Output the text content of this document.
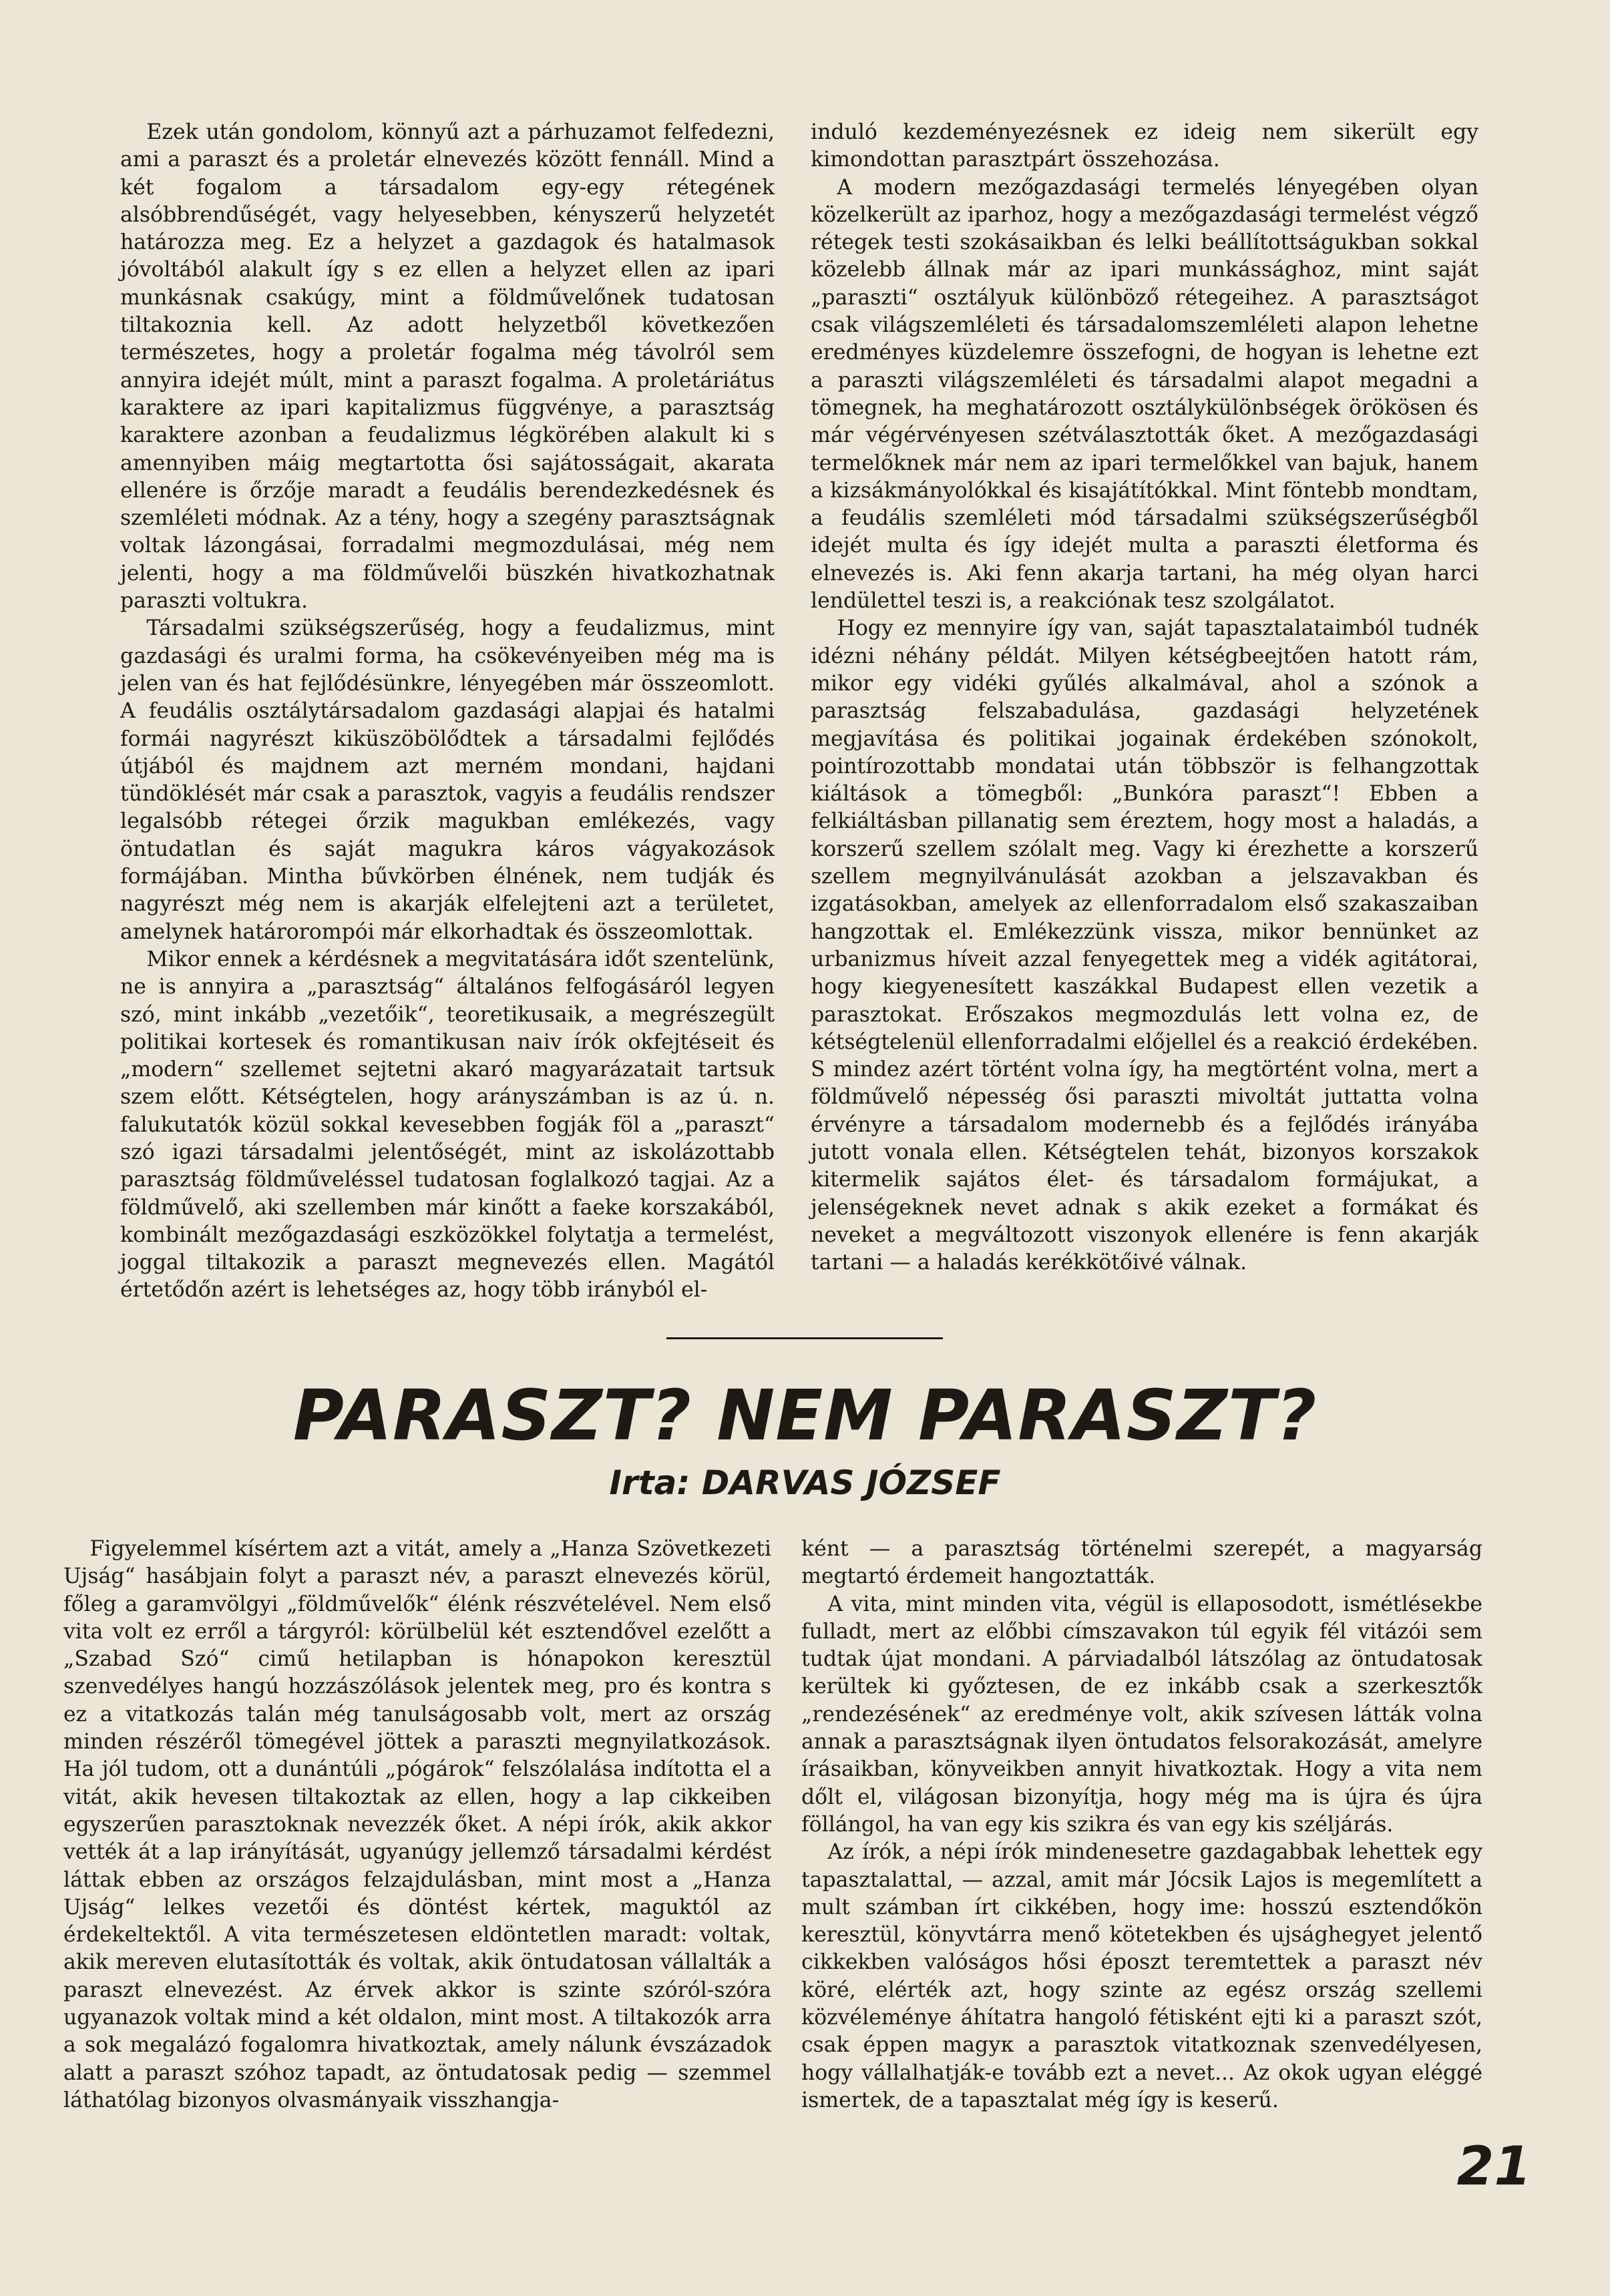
Ezek után gondolom, könnyű azt a párhuzamot felfedezni, ami a paraszt és a proletár elnevezés között fennáll. Mind a két fogalom a társadalom egy-egy rétegének alsóbbrendűségét, vagy helyesebben, kényszerű helyzetét határozza meg. Ez a helyzet a gazdagok és hatalmasok jóvoltából alakult így s ez ellen a helyzet ellen az ipari munkásnak csakúgy, mint a földművelőnek tudatosan tiltakoznia kell. Az adott helyzetből következően természetes, hogy a proletár fogalma még távolról sem annyira idejét múlt, mint a paraszt fogalma. A proletáriátus karaktere az ipari kapitalizmus függvénye, a parasztság karaktere azonban a feudalizmus légkörében alakult ki s amennyiben máig megtartotta ősi sajátosságait, akarata ellenére is őrzője maradt a feudális berendezkedésnek és szemléleti módnak. Az a tény, hogy a szegény parasztságnak voltak lázongásai, forradalmi megmozdulásai, még nem jelenti, hogy a ma földművelői büszkén hivatkozhatnak paraszti voltukra.

Társadalmi szükségszerűség, hogy a feudalizmus, mint gazdasági és uralmi forma, ha csökevényeiben még ma is jelen van és hat fejlődésünkre, lényegében már összeomlott. A feudális osztálytársadalom gazdasági alapjai és hatalmi formái nagyrészt kiküszöbölődtek a társadalmi fejlődés útjából és majdnem azt merném mondani, hajdani tündöklését már csak a parasztok, vagyis a feudális rendszer legalsóbb rétegei őrzik magukban emlékezés, vagy öntudatlan és saját magukra káros vágyakozások formájában. Mintha bűvkörben élnének, nem tudják és nagyrészt még nem is akarják elfelejteni azt a területet, amelynek határorompói már elkorhadtak és összeomlottak.

Mikor ennek a kérdésnek a megvitatására időt szentelünk, ne is annyira a „parasztság“ általános felfogásáról legyen szó, mint inkább „vezetőik“, teoretikusaik, a megrészegült politikai kortesek és romantikusan naiv írók okfejtéseit és „modern“ szellemet sejtetni akaró magyarázatait tartsuk szem előtt. Kétségtelen, hogy arányszámban is az ú. n. falukutatók közül sokkal kevesebben fogják föl a „paraszt“ szó igazi társadalmi jelentőségét, mint az iskolázottabb parasztság földműveléssel tudatosan foglalkozó tagjai. Az a földművelő, aki szellemben már kinőtt a faeke korszakából, kombinált mezőgazdasági eszközökkel folytatja a termelést, joggal tiltakozik a paraszt megnevezés ellen. Magától értetődőn azért is lehetséges az, hogy több irányból el-

induló kezdeményezésnek ez ideig nem sikerült egy kimondottan parasztpárt összehozása.

A modern mezőgazdasági termelés lényegében olyan közelkerült az iparhoz, hogy a mezőgazdasági termelést végző rétegek testi szokásaikban és lelki beállítottságukban sokkal közelebb állnak már az ipari munkássághoz, mint saját „paraszti“ osztályuk különböző rétegeihez. A parasztságot csak világszemléleti és társadalomszemléleti alapon lehetne eredményes küzdelemre összefogni, de hogyan is lehetne ezt a paraszti világszemléleti és társadalmi alapot megadni a tömegnek, ha meghatározott osztálykülönbségek örökösen és már végérvényesen szétválasztották őket. A mezőgazdasági termelőknek már nem az ipari termelőkkel van bajuk, hanem a kizsákmányolókkal és kisajátítókkal. Mint föntebb mondtam, a feudális szemléleti mód társadalmi szükségszerűségből idejét multa és így idejét multa a paraszti életforma és elnevezés is. Aki fenn akarja tartani, ha még olyan harci lendülettel teszi is, a reakciónak tesz szolgálatot.

Hogy ez mennyire így van, saját tapasztalataimból tudnék idézni néhány példát. Milyen kétségbeejtően hatott rám, mikor egy vidéki gyűlés alkalmával, ahol a szónok a parasztság felszabadulása, gazdasági helyzetének megjavítása és politikai jogainak érdekében szónokolt, pointírozottabb mondatai után többször is felhangzottak kiáltások a tömegből: „Bunkóra paraszt“! Ebben a felkiáltásban pillanatig sem éreztem, hogy most a haladás, a korszerű szellem szólalt meg. Vagy ki érezhette a korszerű szellem megnyilvánulását azokban a jelszavakban és izgatásokban, amelyek az ellenforradalom első szakaszaiban hangzottak el. Emlékezzünk vissza, mikor bennünket az urbanizmus híveit azzal fenyegettek meg a vidék agitátorai, hogy kiegyenesített kaszákkal Budapest ellen vezetik a parasztokat. Erőszakos megmozdulás lett volna ez, de kétségtelenül ellenforradalmi előjellel és a reakció érdekében. S mindez azért történt volna így, ha megtörtént volna, mert a földművelő népesség ősi paraszti mivoltát juttatta volna érvényre a társadalom modernebb és a fejlődés irányába jutott vonala ellen. Kétségtelen tehát, bizonyos korszakok kitermelik sajátos élet- és társadalom formájukat, a jelenségeknek nevet adnak s akik ezeket a formákat és neveket a megváltozott viszonyok ellenére is fenn akarják tartani — a haladás kerékkötőivé válnak.

PARASZT? NEM PARASZT?
Irta: DARVAS JÓZSEF

Figyelemmel kísértem azt a vitát, amely a „Hanza Szövetkezeti Ujság“ hasábjain folyt a paraszt név, a paraszt elnevezés körül, főleg a garamvölgyi „földművelők“ élénk részvételével. Nem első vita volt ez erről a tárgyról: körülbelül két esztendővel ezelőtt a „Szabad Szó“ cimű hetilapban is hónapokon keresztül szenvedélyes hangú hozzászólások jelentek meg, pro és kontra s ez a vitatkozás talán még tanulságosabb volt, mert az ország minden részéről tömegével jöttek a paraszti megnyilatkozások. Ha jól tudom, ott a dunántúli „pógárok“ felszólalása indította el a vitát, akik hevesen tiltakoztak az ellen, hogy a lap cikkeiben egyszerűen parasztoknak nevezzék őket. A népi írók, akik akkor vették át a lap irányítását, ugyanúgy jellemző társadalmi kérdést láttak ebben az országos felzajdulásban, mint most a „Hanza Ujság“ lelkes vezetői és döntést kértek, maguktól az érdekeltektől. A vita természetesen eldöntetlen maradt: voltak, akik mereven elutasították és voltak, akik öntudatosan vállalták a paraszt elnevezést. Az érvek akkor is szinte szóról-szóra ugyanazok voltak mind a két oldalon, mint most. A tiltakozók arra a sok megalázó fogalomra hivatkoztak, amely nálunk évszázadok alatt a paraszt szóhoz tapadt, az öntudatosak pedig — szemmel láthatólag bizonyos olvasmányaik visszhangja-

ként — a parasztság történelmi szerepét, a magyarság megtartó érdemeit hangoztatták.

A vita, mint minden vita, végül is ellaposodott, ismétlésekbe fulladt, mert az előbbi címszavakon túl egyik fél vitázói sem tudtak újat mondani. A párviadalból látszólag az öntudatosak kerültek ki győztesen, de ez inkább csak a szerkesztők „rendezésének“ az eredménye volt, akik szívesen látták volna annak a parasztságnak ilyen öntudatos felsorakozását, amelyre írásaikban, könyveikben annyit hivatkoztak. Hogy a vita nem dőlt el, világosan bizonyítja, hogy még ma is újra és újra föllángol, ha van egy kis szikra és van egy kis széljárás.

Az írók, a népi írók mindenesetre gazdagabbak lehettek egy tapasztalattal, — azzal, amit már Jócsik Lajos is megemlített a mult számban írt cikkében, hogy ime: hosszú esztendőkön keresztül, könyvtárra menő kötetekben és ujsághegyet jelentő cikkekben valóságos hősi époszt teremtettek a paraszt név köré, elérték azt, hogy szinte az egész ország szellemi közvéleménye áhítatra hangoló fétisként ejti ki a paraszt szót, csak éppen magук a parasztok vitatkoznak szenvedélyesen, hogy vállalhatják-e tovább ezt a nevet... Az okok ugyan eléggé ismertek, de a tapasztalat még így is keserű.

21
